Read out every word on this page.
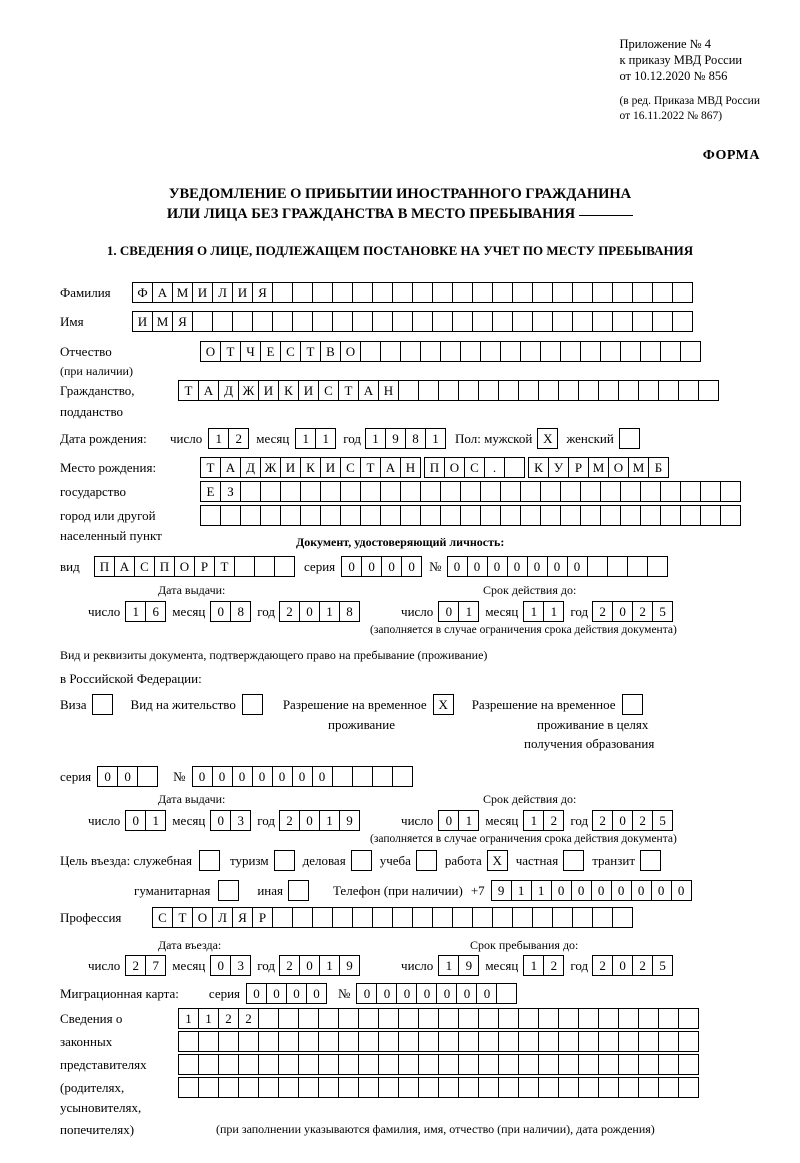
Приложение № 4
к приказу МВД России
от 10.12.2020 № 856
(в ред. Приказа МВД России
от 16.11.2022 № 867)
ФОРМА
УВЕДОМЛЕНИЕ О ПРИБЫТИИ ИНОСТРАННОГО ГРАЖДАНИНА
ИЛИ ЛИЦА БЕЗ ГРАЖДАНСТВА В МЕСТО ПРЕБЫВАНИЯ
1. СВЕДЕНИЯ О ЛИЦЕ, ПОДЛЕЖАЩЕМ ПОСТАНОВКЕ НА УЧЕТ ПО МЕСТУ ПРЕБЫВАНИЯ
Фамилия	Ф А М И Л И Я
Имя	И М Я
Отчество	О Т Ч Е С Т В О
(при наличии)
Гражданство,	Т А Д Ж И К И С Т А Н
подданство
Дата рождения:	число	1	2	месяц	1	1	год 1	9	8	1	Пол: мужской X	женский
Место рождения:	Т А Д Ж И К И С Т А Н	П О С	.	К У Р М О М Б
государство	Е З
город или другой
населенный пункт	Документ, удостоверяющий личность:
вид	П А С П О Р Т	серия	0	0	0	0	№ 0	0	0	0	0	0	0
Дата выдачи:	Срок действия до:
число 1	6	месяц 0	8	год 2	0	1	8	число 0	1	месяц 1	1	год 2	0	2	5
(заполняется в случае ограничения срока действия документа)
Вид и реквизиты документа, подтверждающего право на пребывание (проживание)
в Российской Федерации:
Виза	Вид на жительство	Разрешение на временное X	Разрешение на временное
проживание	проживание в целях
получения образования
серия	0	0	№	0	0	0	0	0	0	0
Дата выдачи:	Срок действия до:
число 0	1	месяц 0	3	год 2	0	1	9	число 0	1	месяц 1	2	год 2	0	2	5
(заполняется в случае ограничения срока действия документа)
Цель въезда: служебная	туризм	деловая	учеба	работа X	частная	транзит
гуманитарная	иная	Телефон (при наличии) +7	9	1	1	0	0	0	0	0	0	0
Профессия	С Т О Л Я Р
Дата въезда:	Срок пребывания до:
число 2	7	месяц 0	3	год 2	0	1	9	число 1	9	месяц 1	2	год 2	0	2	5
Миграционная карта: серия	0	0	0	0	№	0	0	0	0	0	0	0
Сведения о	1	1	2	2
законных
представителях
(родителях,
усыновителях,
попечителях)	(при заполнении указываются фамилия, имя, отчество (при наличии), дата рождения)
